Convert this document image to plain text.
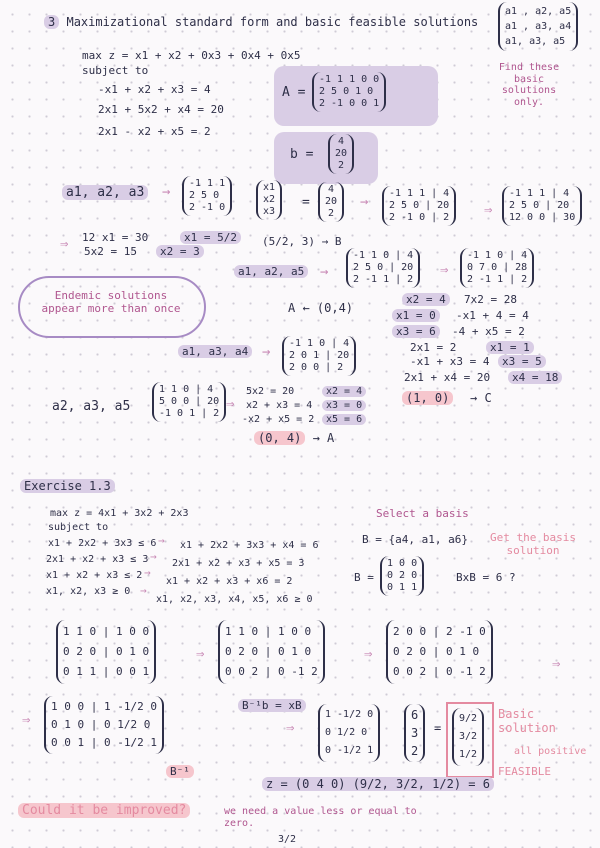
3 Maximizational standard form and basic feasible solutions
a1 , a2, a5
a1 , a3, a4
a1, a3, a5
Find these basic solutions only.
max z = x1 + x2 + 0x3 + 0x4 + 0x5
subject to
-x1 + x2 + x3 = 4
2x1 + 5x2 + x4 = 20
2x1 - x2 + x5 = 2
A =
-1 1 1 0 0
2 5 0 1 0
2 -1 0 0 1
b =
4
20
2
a1, a2, a3 →
-1 1 1
2 5 0
2 -1 0
x1
x2
x3
=
4
20
2
→
-1 1 1 | 4
2 5 0 | 20
2 -1 0 | 2 ⇒
-1 1 1 | 4
2 5 0 | 20
12 0 0 | 30
⇒ 12 x1 = 30	x1 = 5/2	(5/2, 3) → B
5x2 = 15	x2 = 3
a1, a2, a5 →
-1 1 0 | 4
2 5 0 | 20
2 -1 1 | 2
⇒
-1 1 0 | 4
0 7 0 | 28
2 -1 1 | 2
Endemic solutions appear more than once	A ← (0,4)
x2 = 4	7x2 = 28
x1 = 0	-x1 + 4 = 4
x3 = 6	-4 + x5 = 2
a1, a3, a4 →
-1 1 0 | 4
2 0 1 | 20
2 0 0 | 2
2x1 = 2	x1 = 1
-x1 + x3 = 4	x3 = 5
2x1 + x4 = 20	x4 = 18
(1, 0)	→ C
a2, a3, a5
1 1 0 | 4
5 0 0 | 20
-1 0 1 | 2
⇒
5x2 = 20	x2 = 4
x2 + x3 = 4	x3 = 0
-x2 + x5 = 2	x5 = 6
(0, 4) → A
Exercise 1.3
max z = 4x1 + 3x2 + 2x3
subject to
x1 + 2x2 + 3x3 ≤ 6 → x1 + 2x2 + 3x3 + x4 = 6
2x1 + x2 + x3 ≤ 3 →
2x1 + x2 + x3 + x5 = 3
x1 + x2 + x3 ≤ 2 →
x1 + x2 + x3 + x6 = 2
x1, x2, x3 ≥ 0 →
x1, x2, x3, x4, x5, x6 ≥ 0
Select a basis
B = {a4, a1, a6}	Get the basis solution
B =
1 0 0
0 2 0
0 1 1
BxB = 6 ?
1 1 0 | 1 0 0
0 2 0 | 0 1 0
0 1 1 | 0 0 1
⇒
1 1 0 | 1 0 0
0 2 0 | 0 1 0
0 0 2 | 0 -1 2
⇒
2 0 0 | 2 -1 0
0 2 0 | 0 1 0
0 0 2 | 0 -1 2	⇒
⇒
1 0 0 | 1 -1/2 0
0 1 0 | 0 1/2 0
0 0 1 | 0 -1/2 1
B⁻¹
B⁻¹b = xB
⇒
1 -1/2 0
0 1/2 0
0 -1/2 1
6
3
2
=
9/2
3/2
1/2
Basic solution
all positive
FEASIBLE
z = (0 4 0) (9/2, 3/2, 1/2) = 6
Could it be improved?	we need a value less or equal to zero.
3/2
